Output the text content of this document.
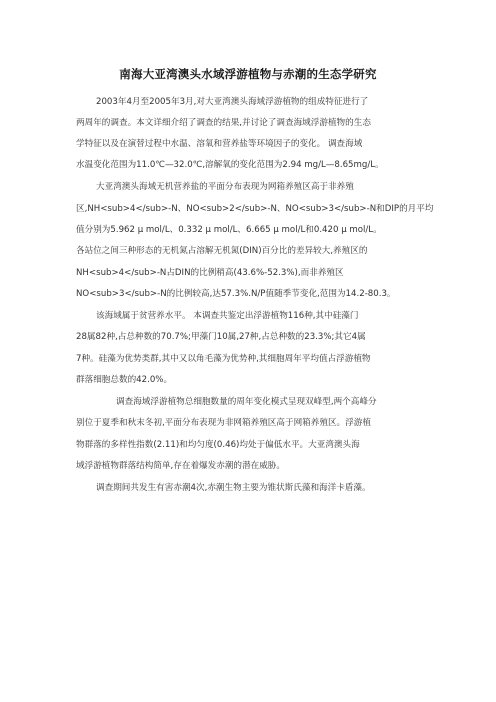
南海大亚湾澳头水域浮游植物与赤潮的生态学研究
2003年4月至2005年3月,对大亚湾澳头海域浮游植物的组成特征进行了
两周年的调查。本文详细介绍了调查的结果,并讨论了调查海域浮游植物的生态
学特征以及在演替过程中水温、溶氧和营养盐等环境因子的变化。 调查海域
水温变化范围为11.0℃—32.0℃,溶解氧的变化范围为2.94 mg/L—8.65mg/L。
大亚湾澳头海域无机营养盐的平面分布表现为网箱养殖区高于非养殖
区,NH<sub>4</sub>-N、NO<sub>2</sub>-N、NO<sub>3</sub>-N和DIP的月平均
值分别为5.962 μ mol/L、0.332 μ mol/L、6.665 μ mol/L和0.420 μ mol/L。
各站位之间三种形态的无机氮占溶解无机氮(DIN)百分比的差异较大,养殖区的
NH<sub>4</sub>-N占DIN的比例稍高(43.6%-52.3%),而非养殖区
NO<sub>3</sub>-N的比例较高,达57.3%.N/P值随季节变化,范围为14.2-80.3。
该海域属于贫营养水平。 本调查共鉴定出浮游植物116种,其中硅藻门
28属82种,占总种数的70.7%;甲藻门10属,27种,占总种数的23.3%;其它4属
7种。硅藻为优势类群,其中又以角毛藻为优势种,其细胞周年平均值占浮游植物
群落细胞总数的42.0%。
调查海域浮游植物总细胞数量的周年变化模式呈现双峰型,两个高峰分
别位于夏季和秋末冬初,平面分布表现为非网箱养殖区高于网箱养殖区。浮游植
物群落的多样性指数(2.11)和均匀度(0.46)均处于偏低水平。大亚湾澳头海
域浮游植物群落结构简单,存在着爆发赤潮的潜在威胁。
调查期间共发生有害赤潮4次,赤潮生物主要为锥状斯氏藻和海洋卡盾藻。
